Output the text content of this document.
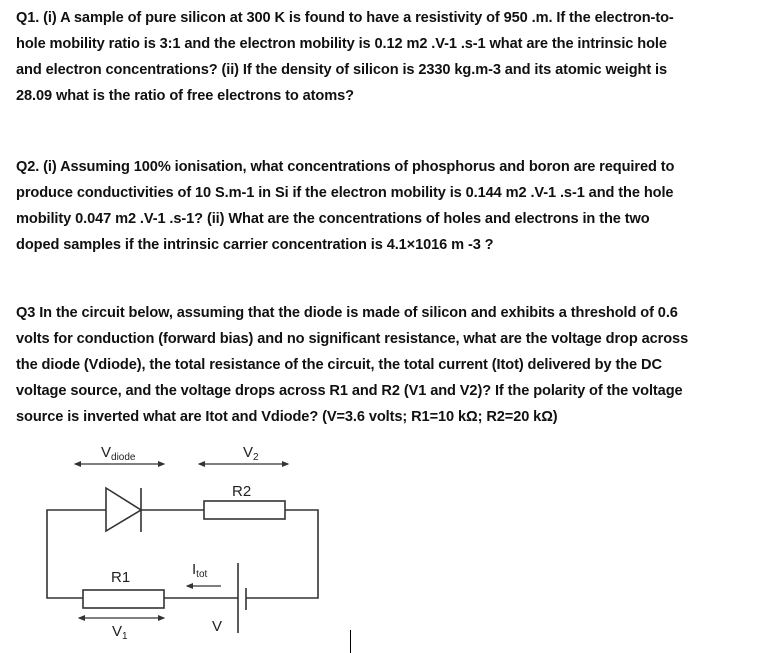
Q1. (i) A sample of pure silicon at 300 K is found to have a resistivity of 950 .m. If the electron-to-
hole mobility ratio is 3:1 and the electron mobility is 0.12 m2 .V-1 .s-1 what are the intrinsic hole
and electron concentrations? (ii) If the density of silicon is 2330 kg.m-3 and its atomic weight is
28.09 what is the ratio of free electrons to atoms?
Q2. (i) Assuming 100% ionisation, what concentrations of phosphorus and boron are required to
produce conductivities of 10 S.m-1 in Si if the electron mobility is 0.144 m2 .V-1 .s-1 and the hole
mobility 0.047 m2 .V-1 .s-1? (ii) What are the concentrations of holes and electrons in the two
doped samples if the intrinsic carrier concentration is 4.1×1016 m -3 ?
Q3 In the circuit below, assuming that the diode is made of silicon and exhibits a threshold of 0.6
volts for conduction (forward bias) and no significant resistance, what are the voltage drop across
the diode (Vdiode), the total resistance of the circuit, the total current (Itot) delivered by the DC
voltage source, and the voltage drops across R1 and R2 (V1 and V2)? If the polarity of the voltage
source is inverted what are Itot and Vdiode? (V=3.6 volts; R1=10 kΩ; R2=20 kΩ)
$V_{diode}$	$V_2$
R2
R1	$I_{tot}$
$V_1$
V
